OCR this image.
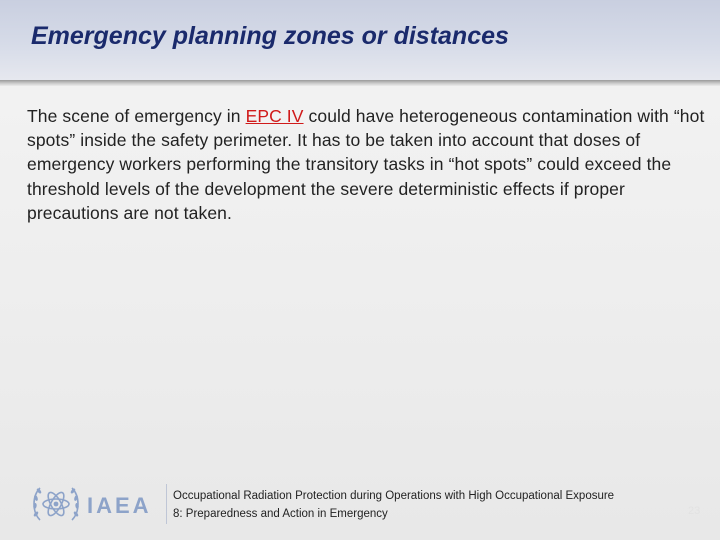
Emergency planning zones or distances

The scene of emergency in EPC IV could have heterogeneous contamination with “hot spots” inside the safety perimeter. It has to be taken into account that doses of emergency workers performing the transitory tasks in “hot spots” could exceed the threshold levels of the development the severe deterministic effects if proper precautions are not taken.

IAEA Occupational Radiation Protection during Operations with High Occupational Exposure
8: Preparedness and Action in Emergency	23
